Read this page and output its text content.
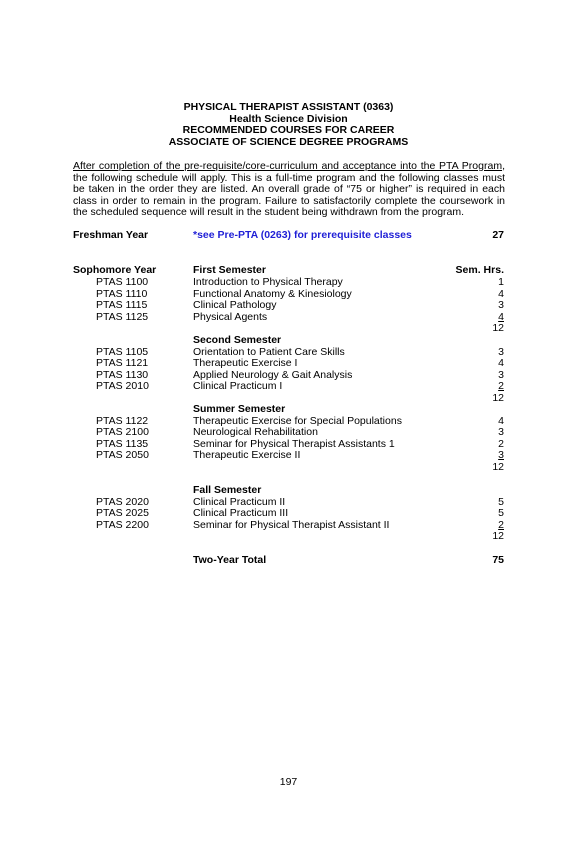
PHYSICAL THERAPIST ASSISTANT (0363)
Health Science Division
RECOMMENDED COURSES FOR CAREER
ASSOCIATE OF SCIENCE DEGREE PROGRAMS
After completion of the pre-requisite/core-curriculum and acceptance into the PTA Program, the following schedule will apply. This is a full-time program and the following classes must be taken in the order they are listed. An overall grade of “75 or higher” is required in each class in order to remain in the program. Failure to satisfactorily complete the coursework in the scheduled sequence will result in the student being withdrawn from the program.
Freshman Year	*see Pre-PTA (0263) for prerequisite classes	27
Sophomore Year	Sem. Hrs.
First Semester
PTAS 1100	Introduction to Physical Therapy	1
PTAS 1110	Functional Anatomy & Kinesiology	4
PTAS 1115	Clinical Pathology	3
PTAS 1125	Physical Agents	4
12
Second Semester
PTAS 1105	Orientation to Patient Care Skills	3
PTAS 1121	Therapeutic Exercise I	4
PTAS 1130	Applied Neurology & Gait Analysis	3
PTAS 2010	Clinical Practicum I	2
12
Summer Semester
PTAS 1122	Therapeutic Exercise for Special Populations	4
PTAS 2100	Neurological Rehabilitation	3
PTAS 1135	Seminar for Physical Therapist Assistants 1	2
PTAS 2050	Therapeutic Exercise II	3
12
Fall Semester
PTAS 2020	Clinical Practicum II	5
PTAS 2025	Clinical Practicum III	5
PTAS 2200	Seminar for Physical Therapist Assistant II	2
12
Two-Year Total	75
197
